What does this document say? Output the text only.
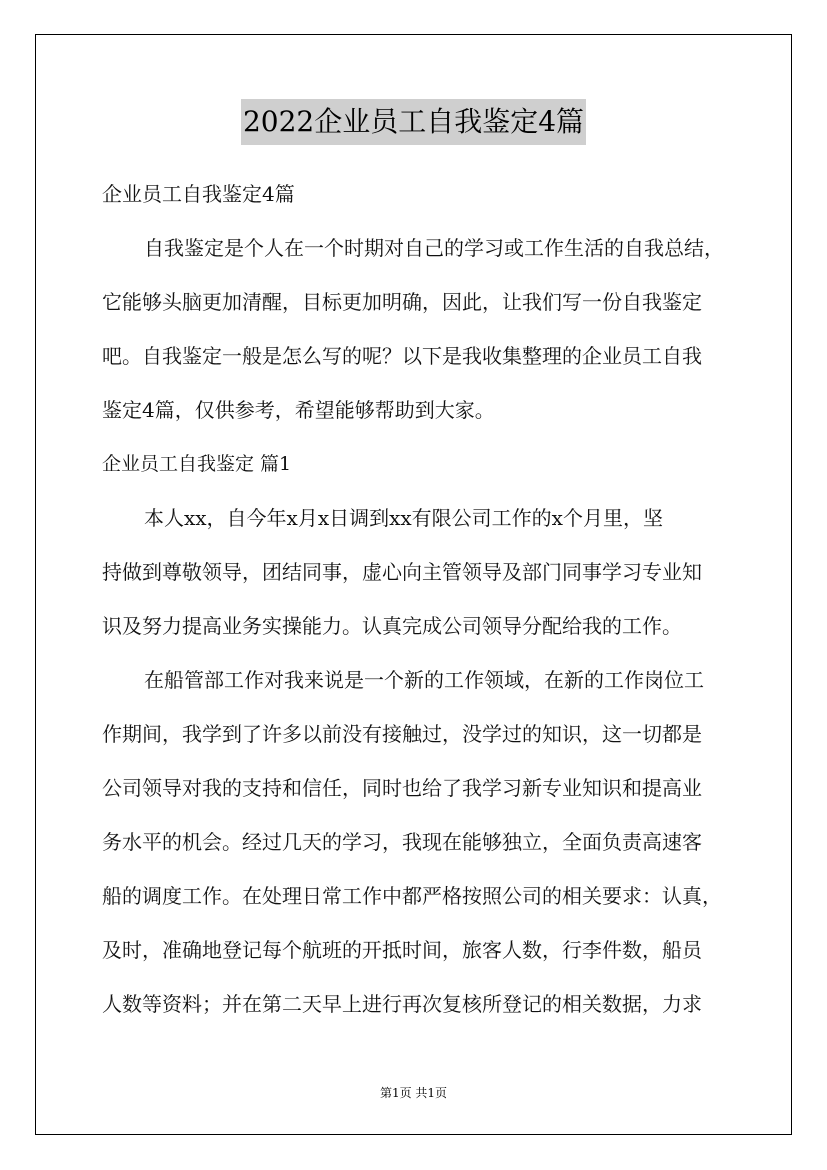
2022企业员工自我鉴定4篇
企业员工自我鉴定4篇
自我鉴定是个人在一个时期对自己的学习或工作生活的自我总结，
它能够头脑更加清醒，目标更加明确，因此，让我们写一份自我鉴定
吧。自我鉴定一般是怎么写的呢？以下是我收集整理的企业员工自我
鉴定4篇，仅供参考，希望能够帮助到大家。
企业员工自我鉴定 篇1
本人xx，自今年x月x日调到xx有限公司工作的x个月里，坚
持做到尊敬领导，团结同事，虚心向主管领导及部门同事学习专业知
识及努力提高业务实操能力。认真完成公司领导分配给我的工作。
在船管部工作对我来说是一个新的工作领域，在新的工作岗位工
作期间，我学到了许多以前没有接触过，没学过的知识，这一切都是
公司领导对我的支持和信任，同时也给了我学习新专业知识和提高业
务水平的机会。经过几天的学习，我现在能够独立，全面负责高速客
船的调度工作。在处理日常工作中都严格按照公司的相关要求：认真，
及时，准确地登记每个航班的开抵时间，旅客人数，行李件数，船员
人数等资料；并在第二天早上进行再次复核所登记的相关数据，力求
第1页 共1页
